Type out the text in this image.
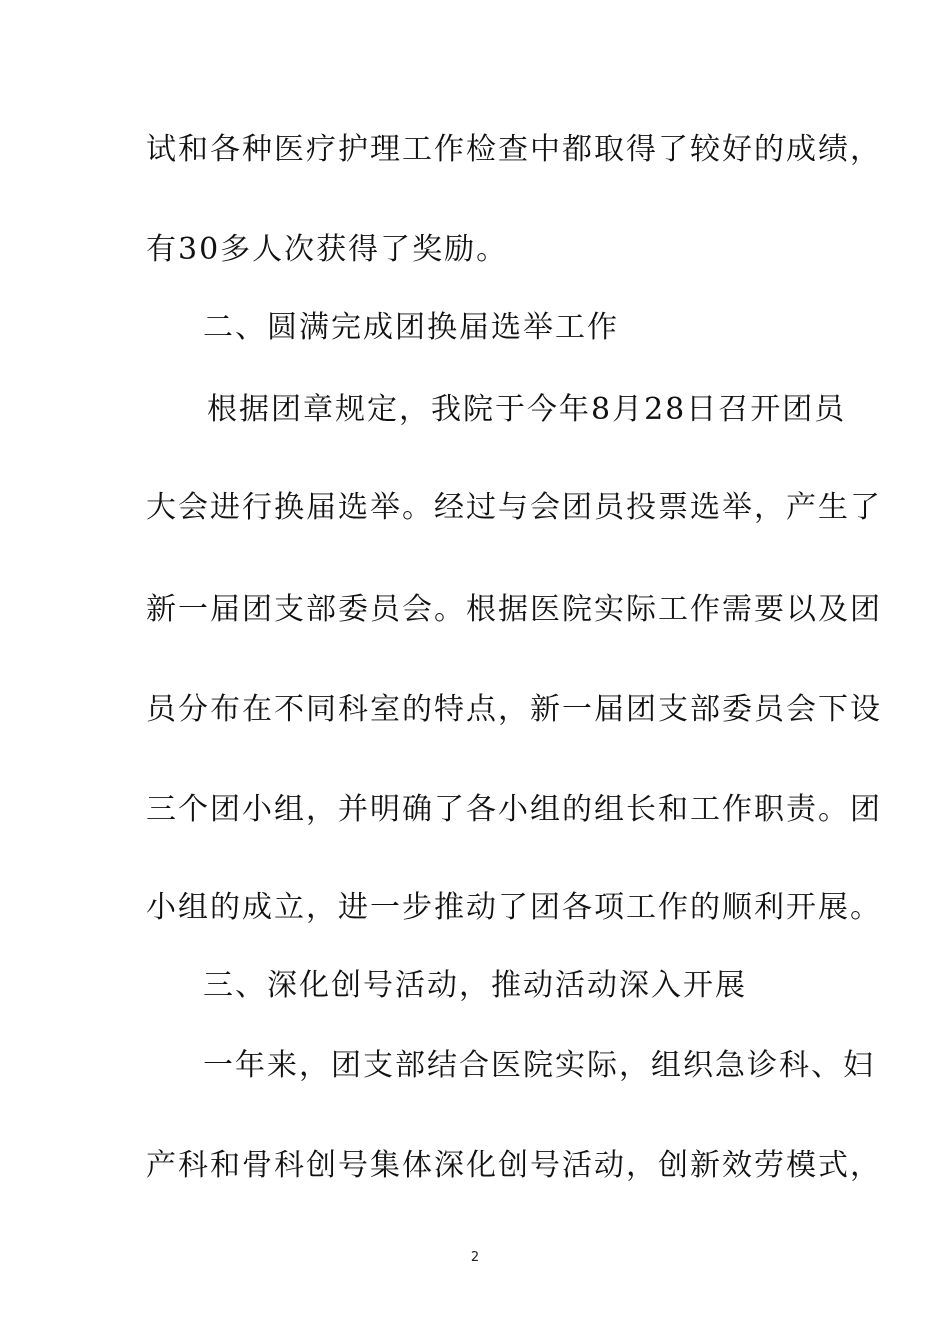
试和各种医疗护理工作检查中都取得了较好的成绩，
有30多人次获得了奖励。
二、圆满完成团换届选举工作
根据团章规定，我院于今年8月28日召开团员
大会进行换届选举。经过与会团员投票选举，产生了
新一届团支部委员会。根据医院实际工作需要以及团
员分布在不同科室的特点，新一届团支部委员会下设
三个团小组，并明确了各小组的组长和工作职责。团
小组的成立，进一步推动了团各项工作的顺利开展。
三、深化创号活动，推动活动深入开展
一年来，团支部结合医院实际，组织急诊科、妇
产科和骨科创号集体深化创号活动，创新效劳模式，
2
